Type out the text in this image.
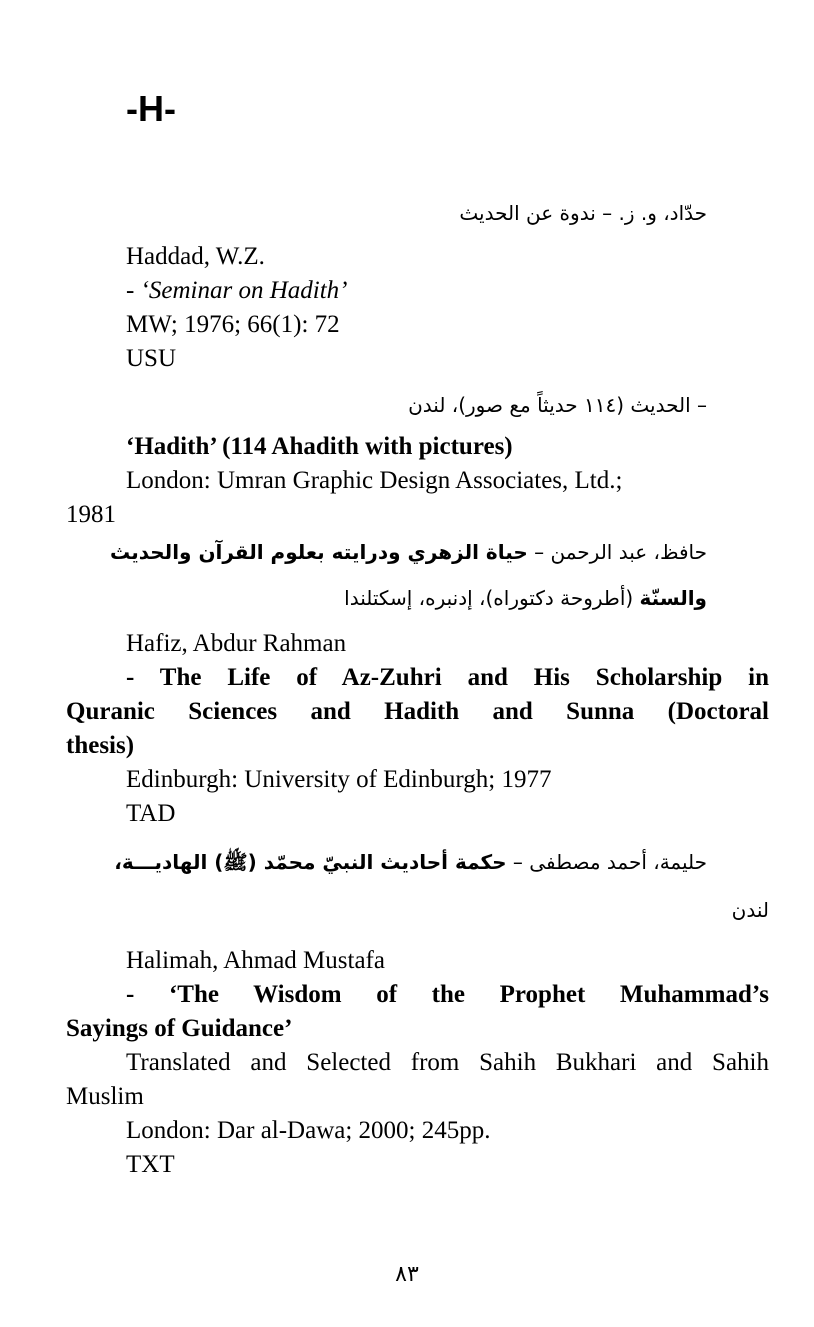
-H-
حدّاد، و. ز. – ندوة عن الحديث

Haddad, W.Z.

- ‘Seminar on Hadith’

MW; 1976; 66(1): 72

USU

– الحديث (١١٤ حديثاً مع صور)، لندن

‘Hadith’ (114 Ahadith with pictures)

London: Umran Graphic Design Associates, Ltd.;

1981

حافظ، عبد الرحمن – حياة الزهري ودرايته بعلوم القرآن والحديث
والسنّة (أطروحة دكتوراه)، إدنبره، إسكتلندا

Hafiz, Abdur Rahman

- The Life of Az-Zuhri and His Scholarship in

Quranic Sciences and Hadith and Sunna (Doctoral

thesis)

Edinburgh: University of Edinburgh; 1977

TAD

حليمة، أحمد مصطفى – حكمة أحاديث النبيّ محمّد (ﷺ) الهاديـــة،
لندن

Halimah, Ahmad Mustafa

- ‘The Wisdom of the Prophet Muhammad’s

Sayings of Guidance’

Translated and Selected from Sahih Bukhari and Sahih

Muslim

London: Dar al-Dawa; 2000; 245pp.

TXT

٨٣
